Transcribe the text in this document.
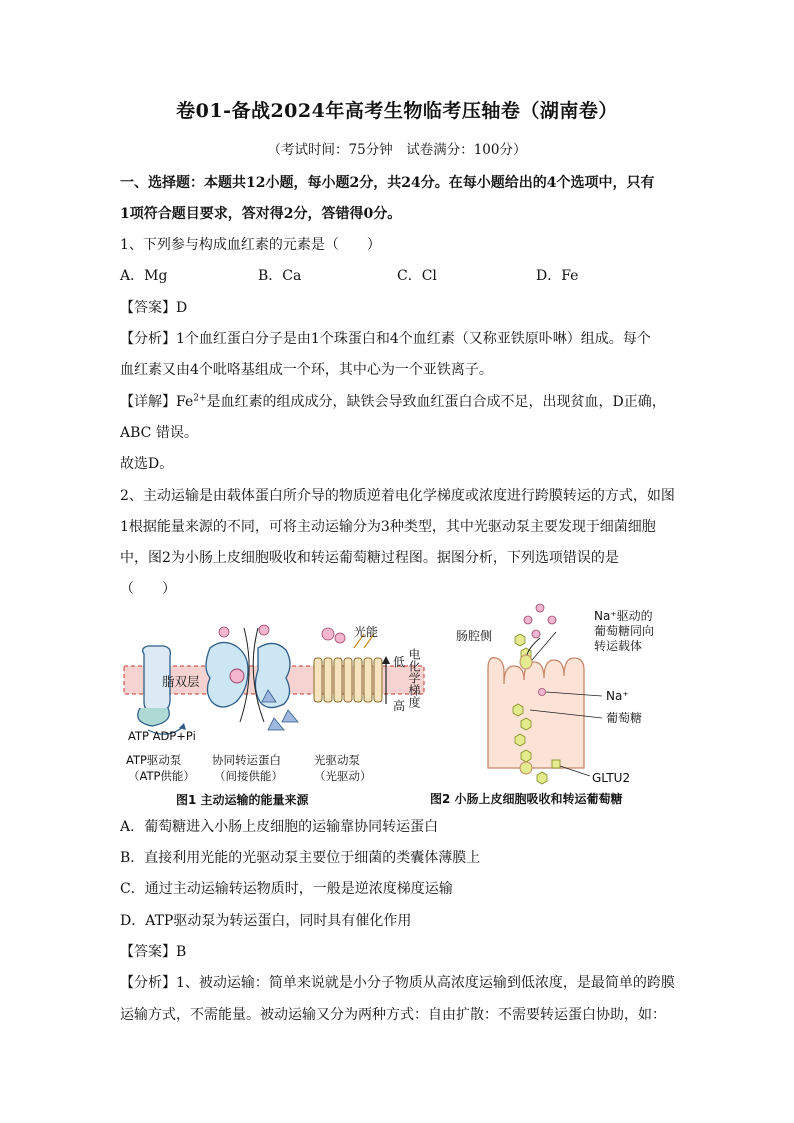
卷01-备战2024年高考生物临考压轴卷（湖南卷）
（考试时间：75分钟　试卷满分：100分）
一、选择题：本题共12小题，每小题2分，共24分。在每小题给出的4个选项中，只有
1项符合题目要求，答对得2分，答错得0分。
1、下列参与构成血红素的元素是（　　）
A．Mg	B．Ca	C．Cl	D．Fe
【答案】D
【分析】1个血红蛋白分子是由1个珠蛋白和4个血红素（又称亚铁原卟啉）组成。每个
血红素又由4个吡咯基组成一个环，其中心为一个亚铁离子。
【详解】$Fe^{2+}$是血红素的组成成分，缺铁会导致血红蛋白合成不足，出现贫血，D正确，
ABC 错误。
故选D。
2、主动运输是由载体蛋白所介导的物质逆着电化学梯度或浓度进行跨膜转运的方式，如图
1根据能量来源的不同，可将主动运输分为3种类型，其中光驱动泵主要发现于细菌细胞
中，图2为小肠上皮细胞吸收和转运葡萄糖过程图。据图分析，下列选项错误的是
（　　）
光能
脂双层
低
高 电化学梯度
ATP ADP+Pi
ATP驱动泵
（ATP供能）
协同转运蛋白
（间接供能）
光驱动泵
（光驱动）
图1 主动运输的能量来源
肠腔侧
Na⁺驱动的
葡萄糖同向
转运载体
Na⁺
葡萄糖
GLTU2
图2 小肠上皮细胞吸收和转运葡萄糖
A．葡萄糖进入小肠上皮细胞的运输靠协同转运蛋白
B．直接利用光能的光驱动泵主要位于细菌的类囊体薄膜上
C．通过主动运输转运物质时，一般是逆浓度梯度运输
D．ATP驱动泵为转运蛋白，同时具有催化作用
【答案】B
【分析】1、被动运输：简单来说就是小分子物质从高浓度运输到低浓度，是最简单的跨膜
运输方式，不需能量。被动运输又分为两种方式：自由扩散：不需要转运蛋白协助，如：
